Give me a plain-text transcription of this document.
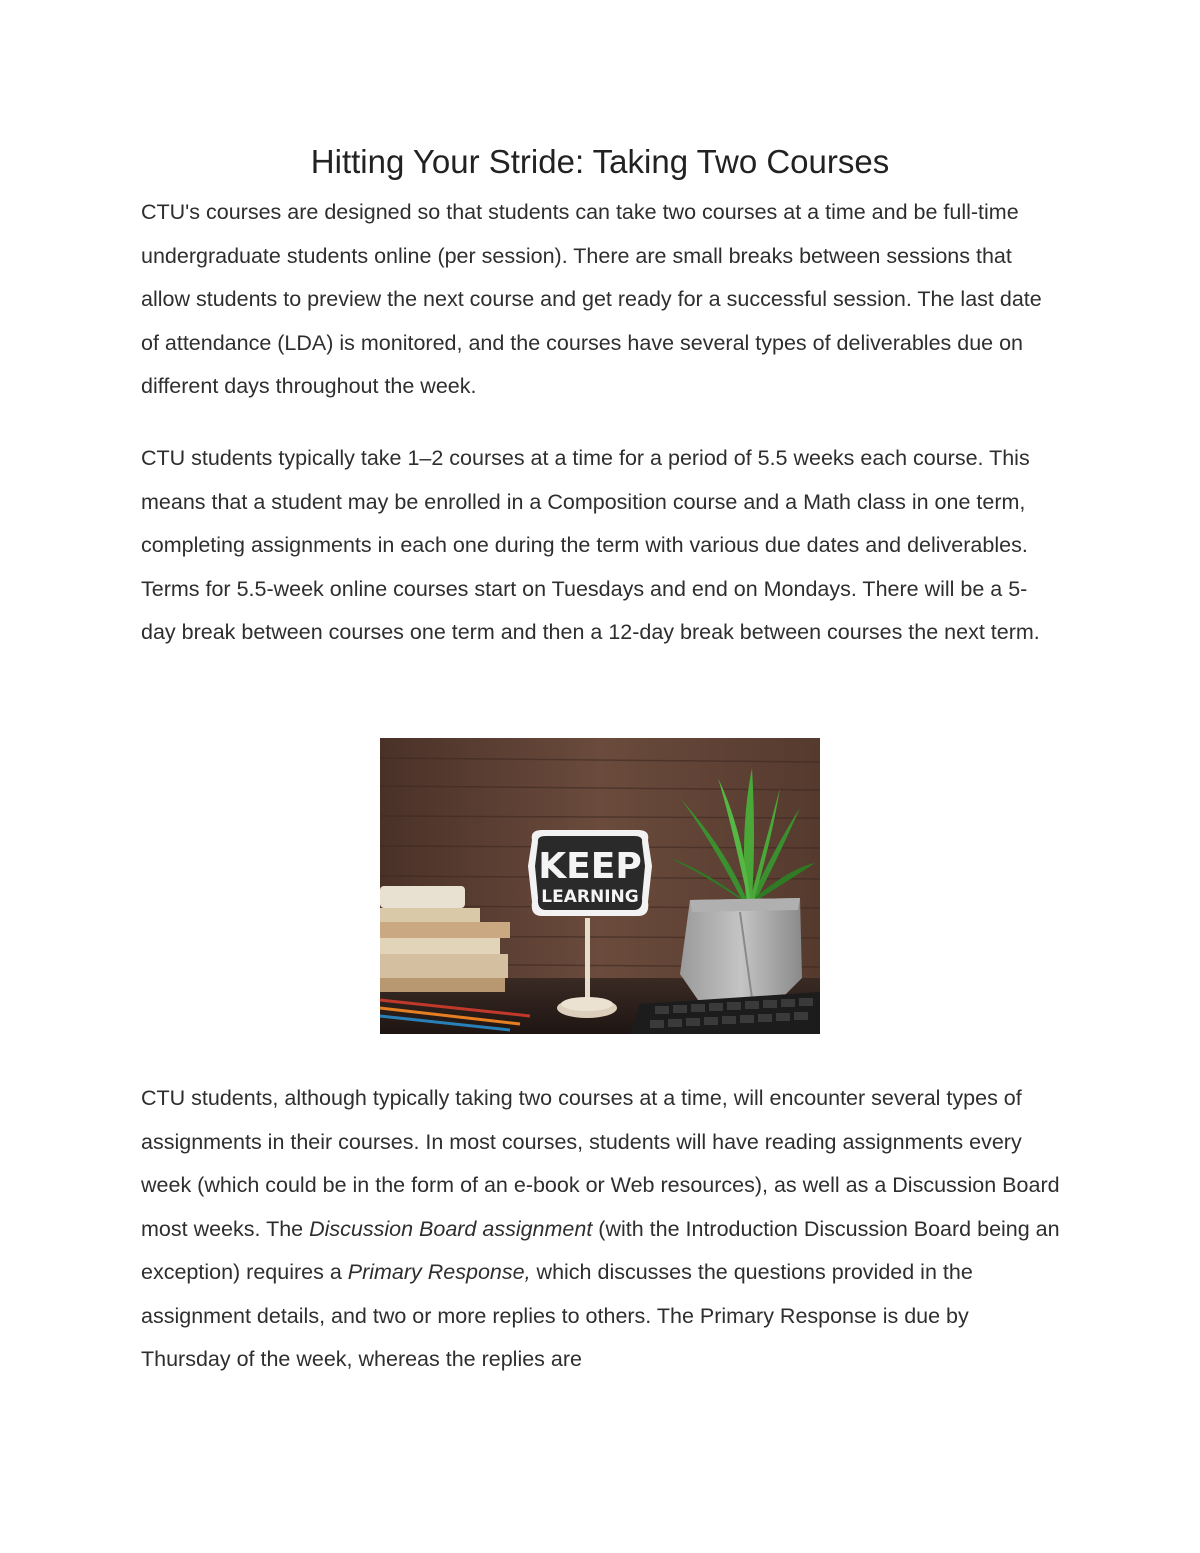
Hitting Your Stride: Taking Two Courses

CTU's courses are designed so that students can take two courses at a time and be full-time undergraduate students online (per session). There are small breaks between sessions that allow students to preview the next course and get ready for a successful session. The last date of attendance (LDA) is monitored, and the courses have several types of deliverables due on different days throughout the week.

CTU students typically take 1–2 courses at a time for a period of 5.5 weeks each course. This means that a student may be enrolled in a Composition course and a Math class in one term, completing assignments in each one during the term with various due dates and deliverables. Terms for 5.5-week online courses start on Tuesdays and end on Mondays. There will be a 5-day break between courses one term and then a 12-day break between courses the next term.

KEEP
LEARNING

CTU students, although typically taking two courses at a time, will encounter several types of assignments in their courses. In most courses, students will have reading assignments every week (which could be in the form of an e-book or Web resources), as well as a Discussion Board most weeks. The Discussion Board assignment (with the Introduction Discussion Board being an exception) requires a Primary Response, which discusses the questions provided in the assignment details, and two or more replies to others. The Primary Response is due by Thursday of the week, whereas the replies are
